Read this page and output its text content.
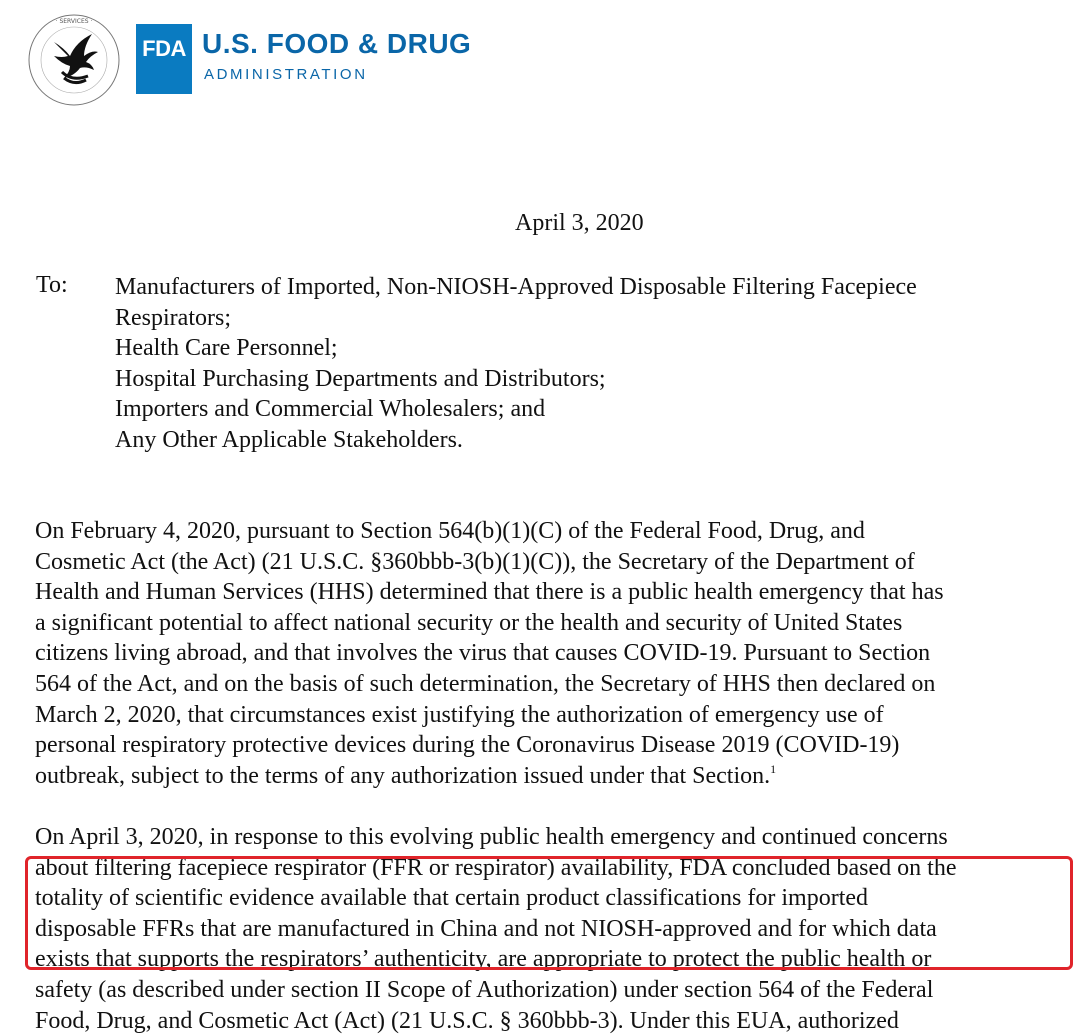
· SERVICES ·
FDA U.S. FOOD & DRUG
ADMINISTRATION
April 3, 2020
To: Manufacturers of Imported, Non-NIOSH-Approved Disposable Filtering Facepiece
Respirators;
Health Care Personnel;
Hospital Purchasing Departments and Distributors;
Importers and Commercial Wholesalers; and
Any Other Applicable Stakeholders.
On February 4, 2020, pursuant to Section 564(b)(1)(C) of the Federal Food, Drug, and
Cosmetic Act (the Act) (21 U.S.C. §360bbb-3(b)(1)(C)), the Secretary of the Department of
Health and Human Services (HHS) determined that there is a public health emergency that has
a significant potential to affect national security or the health and security of United States
citizens living abroad, and that involves the virus that causes COVID-19. Pursuant to Section
564 of the Act, and on the basis of such determination, the Secretary of HHS then declared on
March 2, 2020, that circumstances exist justifying the authorization of emergency use of
personal respiratory protective devices during the Coronavirus Disease 2019 (COVID-19)
outbreak, subject to the terms of any authorization issued under that Section.$^1$
On April 3, 2020, in response to this evolving public health emergency and continued concerns
about filtering facepiece respirator (FFR or respirator) availability, FDA concluded based on the
totality of scientific evidence available that certain product classifications for imported
disposable FFRs that are manufactured in China and not NIOSH-approved and for which data
exists that supports the respirators’ authenticity, are appropriate to protect the public health or
safety (as described under section II Scope of Authorization) under section 564 of the Federal
Food, Drug, and Cosmetic Act (Act) (21 U.S.C. § 360bbb-3). Under this EUA, authorized
